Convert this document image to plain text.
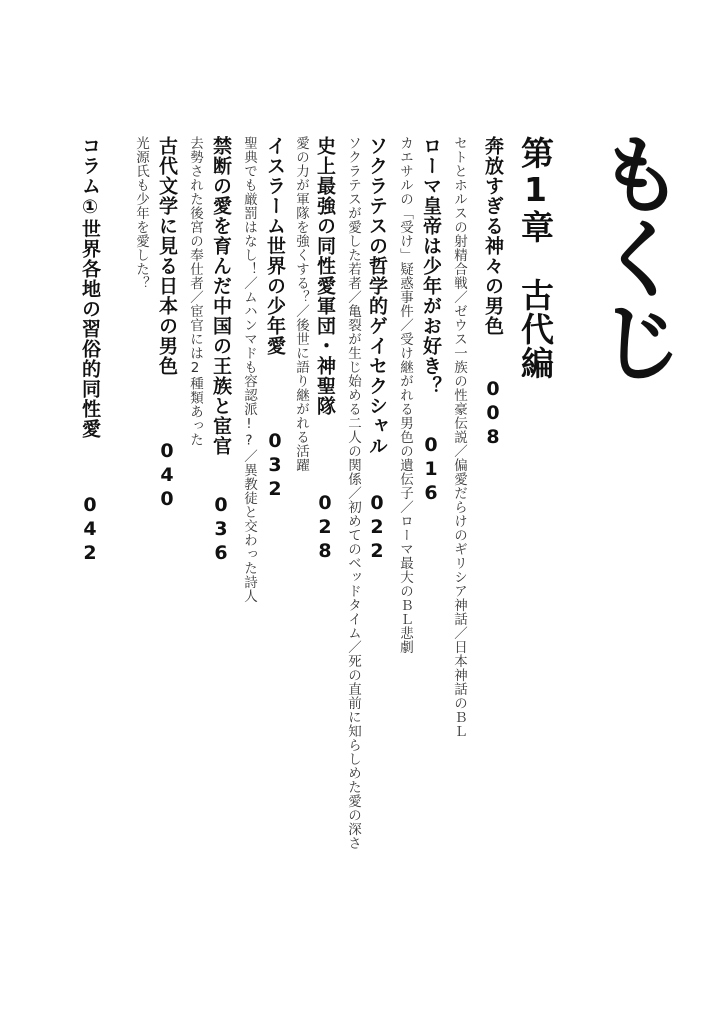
もくじ
第1章　古代編
奔放すぎる神々の男色
008
セトとホルスの射精合戦／ゼウス一族の性豪伝説／偏愛だらけのギリシア神話／日本神話のＢＬ
ローマ皇帝は少年がお好き？
016
カエサルの「受け」疑惑事件／受け継がれる男色の遺伝子／ローマ最大のＢＬ悲劇
ソクラテスの哲学的ゲイセクシャル
022
ソクラテスが愛した若者／亀裂が生じ始める二人の関係／初めてのベッドタイム／死の直前に知らしめた愛の深さ
史上最強の同性愛軍団・神聖隊
028
愛の力が軍隊を強くする？／後世に語り継がれる活躍
イスラーム世界の少年愛
032
聖典でも厳罰はなし！／ムハンマドも容認派!?／異教徒と交わった詩人
禁断の愛を育んだ中国の王族と宦官
036
去勢された後宮の奉仕者／宦官には2種類あった
古代文学に見る日本の男色
040
光源氏も少年を愛した？
コラム①世界各地の習俗的同性愛
042
